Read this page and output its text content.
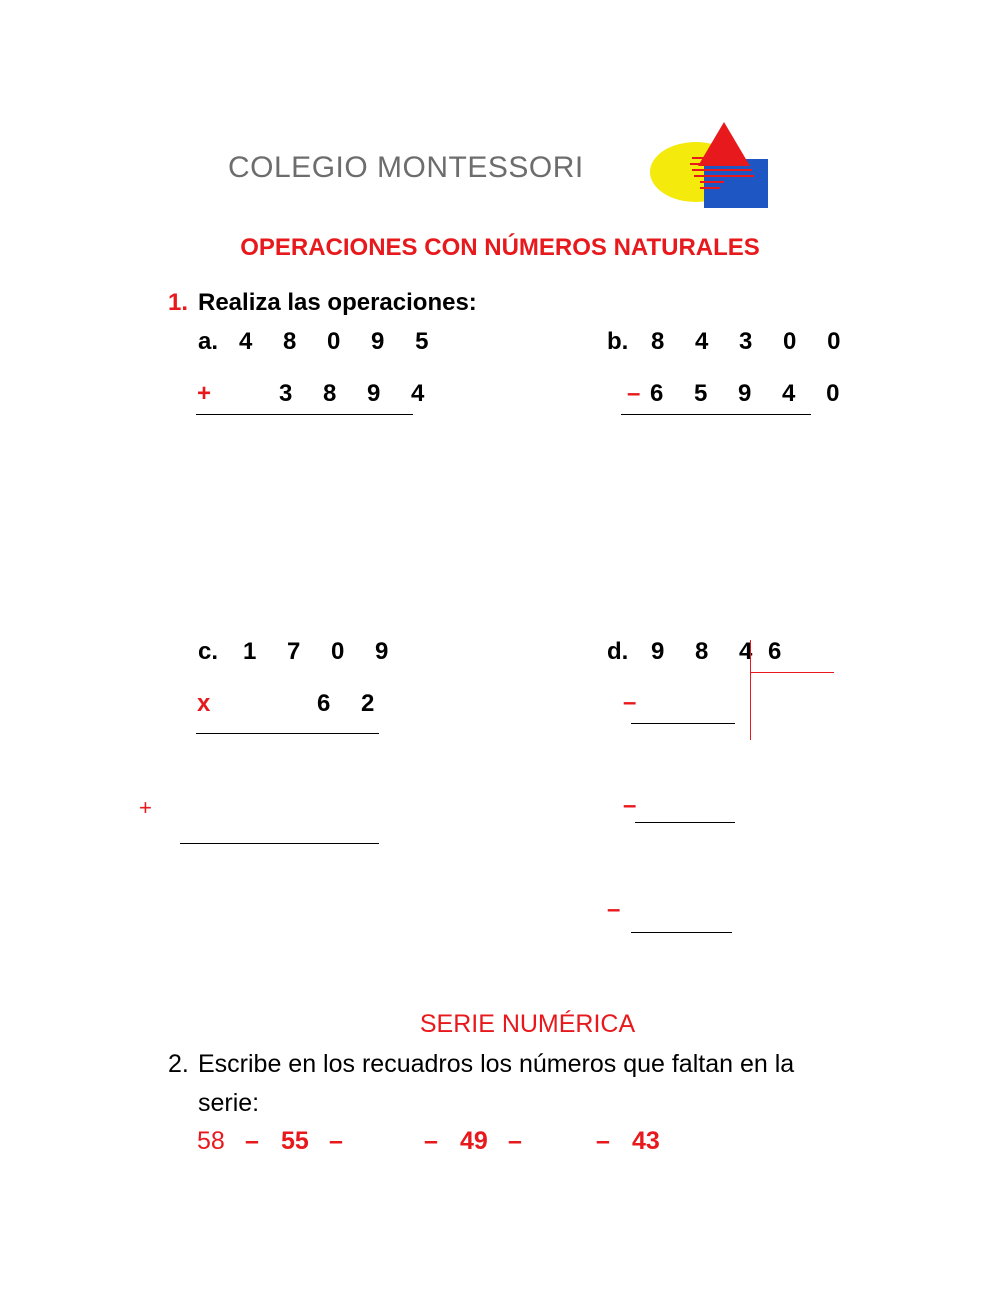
COLEGIO MONTESSORI
OPERACIONES CON NÚMEROS NATURALES
1. Realiza las operaciones:
a. 4 8 0 9 5
+	3 8 9 4
b. 8 4 3 0 0
– 6 5 9 4 0
c. 1 7 0 9
x	6 2
+
d. 9 8 4 6
–
–
–
SERIE NUMÉRICA
2. Escribe en los recuadros los números que faltan en la
serie:
58 – 55 –	– 49 –	– 43
